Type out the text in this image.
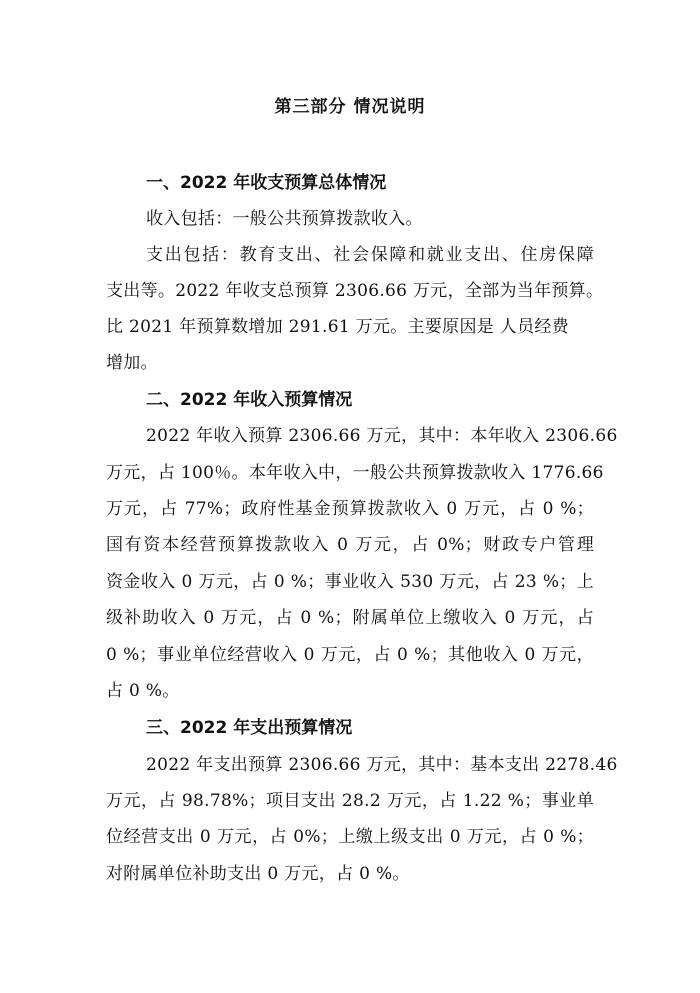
第三部分 情况说明
一、2022 年收支预算总体情况
收入包括：一般公共预算拨款收入。
支出包括：教育支出、社会保障和就业支出、住房保障
支出等。2022 年收支总预算 2306.66 万元，全部为当年预算。
比 2021 年预算数增加 291.61 万元。主要原因是 人员经费
增加。
二、2022 年收入预算情况
2022 年收入预算 2306.66 万元，其中：本年收入 2306.66
万元，占 100％。本年收入中，一般公共预算拨款收入 1776.66
万元，占 77%；政府性基金预算拨款收入 0 万元，占 0 %；
国有资本经营预算拨款收入 0 万元，占 0%；财政专户管理
资金收入 0 万元，占 0 %；事业收入 530 万元，占 23 %；上
级补助收入 0 万元，占 0 %；附属单位上缴收入 0 万元，占
0 %；事业单位经营收入 0 万元，占 0 %；其他收入 0 万元，
占 0 %。
三、2022 年支出预算情况
2022 年支出预算 2306.66 万元，其中：基本支出 2278.46
万元，占 98.78%；项目支出 28.2 万元，占 1.22 %；事业单
位经营支出 0 万元，占 0%；上缴上级支出 0 万元，占 0 %；
对附属单位补助支出 0 万元，占 0 %。
